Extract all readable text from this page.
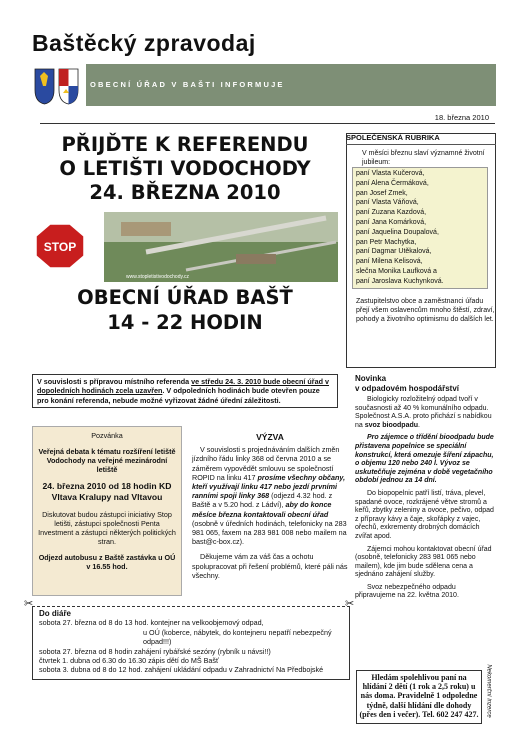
Baštěcký zpravodaj
OBECNÍ ÚŘAD V BAŠTI INFORMUJE
18. března 2010
PŘIJĎTE K REFERENDU
O LETIŠTI VODOCHODY
24. BŘEZNA 2010
STOP
www.stopletistivodochody.cz
OBECNÍ ÚŘAD BAŠŤ
14 - 22 HODIN
SPOLEČENSKÁ RUBRIKA
V měsíci březnu slaví významné životní jubileum:
paní Vlasta Kučerová,
paní Alena Čermáková,
pan Josef Zmek,
paní Vlasta Váňová,
paní Zuzana Kazdová,
paní Jana Komárková,
paní Jaquelina Doupalová,
pan Petr Machytka,
paní Dagmar Utěkalová,
paní Milena Kelisová,
slečna Monika Laufková a
paní Jaroslava Kuchynková.
Zastupitelstvo obce a zaměstnanci úřadu přejí všem oslavencům mnoho štěstí, zdraví, pohody a životního optimismu do dalších let.
V souvislosti s přípravou místního referenda ve středu 24. 3. 2010 bude obecní úřad v dopoledních hodinách zcela uzavřen. V odpoledních hodinách bude otevřen pouze pro konání referenda, nebude možné vyřizovat žádné úřední záležitosti.

Pozvánka

Veřejná debata k tématu rozšíření letiště Vodochody na veřejné mezinárodní letiště

24. března 2010 od 18 hodin KD Vltava Kralupy nad Vltavou

Diskutovat budou zástupci iniciativy Stop letišti, zástupci společnosti Penta Investment a zástupci některých politických stran.

Odjezd autobusu z Baště zastávka u OÚ v 16.55 hod.

VÝZVA

V souvislosti s projednáváním dalších změn jízdního řádu linky 368 od června 2010 a se záměrem vypovědět smlouvu se společností ROPID na linku 417 prosíme všechny občany, kteří využívají linku 417 nebo jezdí prvními ranními spoji linky 368 (odjezd 4.32 hod. z Baště a v 5.20 hod. z Ládví), aby do konce měsíce března kontaktovali obecní úřad (osobně v úředních hodinách, telefonicky na 283 981 065, faxem na 283 981 008 nebo mailem na bast@c-box.cz).

Děkujeme vám za váš čas a ochotu spolupracovat při řešení problémů, které páli nás všechny.

Novinka
v odpadovém hospodářství

Biologicky rozložitelný odpad tvoří v současnosti až 40 % komunálního odpadu. Společnost A.S.A. proto přichází s nabídkou na svoz bioodpadu.

Pro zájemce o třídění bioodpadu bude přistavena popelnice se speciální konstrukcí, která omezuje šíření zápachu, o objemu 120 nebo 240 l. Vývoz se uskutečňuje zejména v době vegetačního období jednou za 14 dní.

Do biopopelnic patří listí, tráva, plevel, spadané ovoce, rozkrájené větve stromů a keřů, zbytky zeleniny a ovoce, pečivo, odpad z přípravy kávy a čaje, skořápky z vajec, ořechů, exkrementy drobných domácích zvířat apod.

Zájemci mohou kontaktovat obecní úřad (osobně, telefonicky 283 981 065 nebo mailem), kde jim bude sdělena cena a sjednáno zahájení služby.

Svoz nebezpečného odpadu připravujeme na 22. května 2010.

✂	✂
Do diáře
sobota 27. března od 8 do 13 hod. kontejner na velkoobjemový odpad,
u OÚ (koberce, nábytek, do kontejneru nepatří nebezpečný odpad!!!)
sobota 27. března od 8 hodin zahájení rybářské sezóny (rybník u návsi!!)
čtvrtek 1. dubna od 6.30 do 16.30 zápis dětí do MŠ Bašť
sobota 3. dubna od 8 do 12 hod. zahájení ukládání odpadu v Zahradnictví Na Předbojské
Hledám spolehlivou paní na hlídání 2 dětí (1 rok a 2,5 roku) u nás doma. Pravidelně 1 odpoledne týdně, další hlídání dle dohody (přes den i večer). Tel. 602 247 427.	Nekomerční inzerce
